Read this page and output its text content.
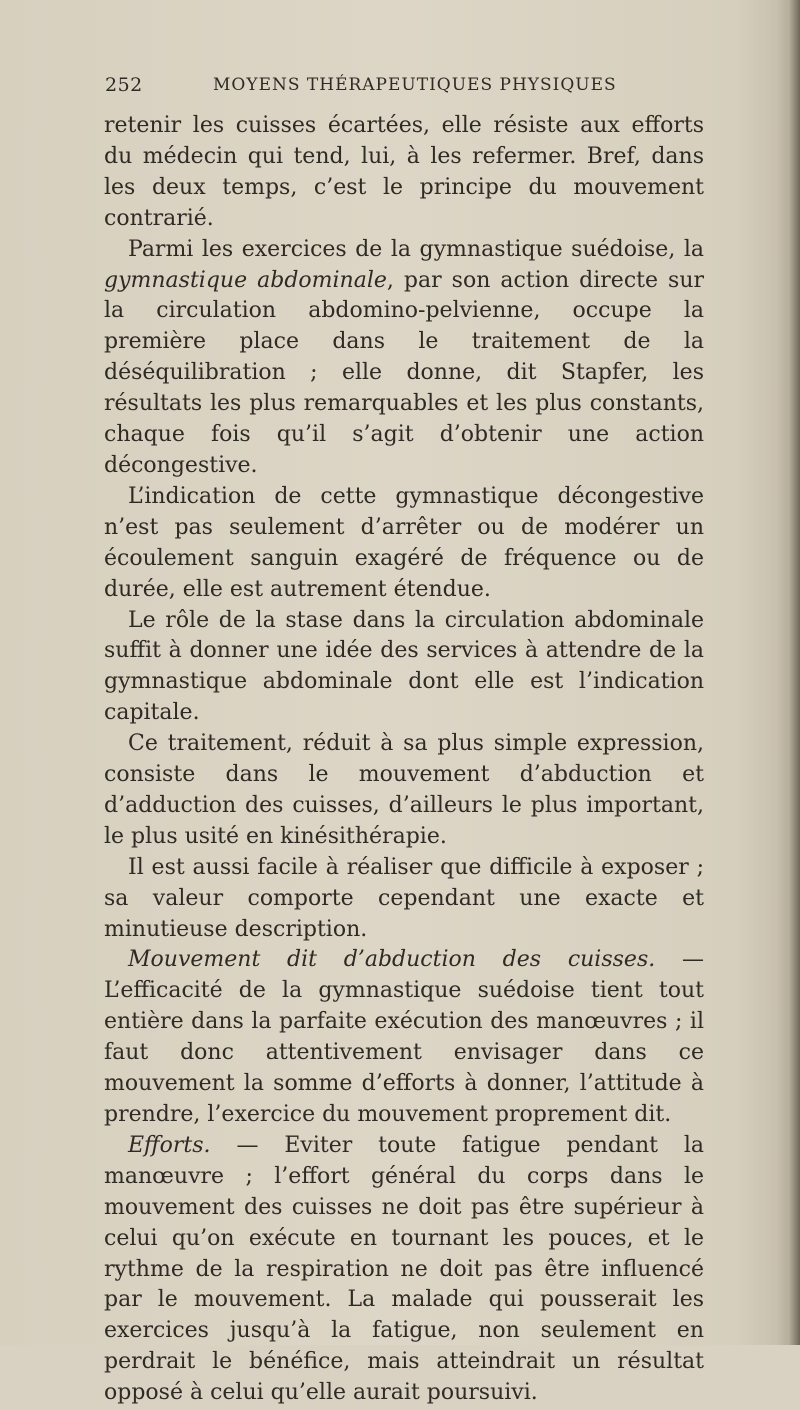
252	MOYENS THÉRAPEUTIQUES PHYSIQUES

retenir les cuisses écartées, elle résiste aux efforts du médecin qui tend, lui, à les refermer. Bref, dans les deux temps, c’est le principe du mouvement contrarié.

Parmi les exercices de la gymnastique suédoise, la gymnastique abdominale, par son action directe sur la circulation abdomino-pelvienne, occupe la première place dans le traitement de la déséquilibration ; elle donne, dit Stapfer, les résultats les plus remarquables et les plus constants, chaque fois qu’il s’agit d’obtenir une action décongestive.

L’indication de cette gymnastique décongestive n’est pas seulement d’arrêter ou de modérer un écoulement sanguin exagéré de fréquence ou de durée, elle est autrement étendue.

Le rôle de la stase dans la circulation abdominale suffit à donner une idée des services à attendre de la gymnastique abdominale dont elle est l’indication capitale.

Ce traitement, réduit à sa plus simple expression, consiste dans le mouvement d’abduction et d’adduction des cuisses, d’ailleurs le plus important, le plus usité en kinésithérapie.

Il est aussi facile à réaliser que difficile à exposer ; sa valeur comporte cependant une exacte et minutieuse description.

Mouvement dit d’abduction des cuisses. — L’efficacité de la gymnastique suédoise tient tout entière dans la parfaite exécution des manœuvres ; il faut donc attentivement envisager dans ce mouvement la somme d’efforts à donner, l’attitude à prendre, l’exercice du mouvement proprement dit.

Efforts. — Eviter toute fatigue pendant la manœuvre ; l’effort général du corps dans le mouvement des cuisses ne doit pas être supérieur à celui qu’on exécute en tournant les pouces, et le rythme de la respiration ne doit pas être influencé par le mouvement. La malade qui pousserait les exercices jusqu’à la fatigue, non seulement en perdrait le bénéfice, mais atteindrait un résultat opposé à celui qu’elle aurait poursuivi.
